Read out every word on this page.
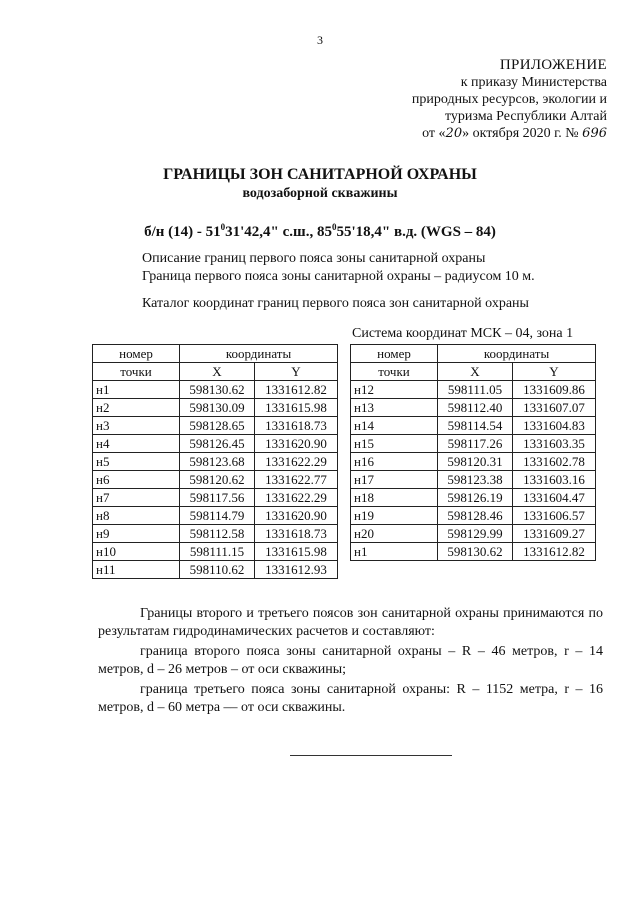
3
ПРИЛОЖЕНИЕ
к приказу Министерства
природных ресурсов, экологии и
туризма Республики Алтай
от «20» октября 2020 г. № 696
ГРАНИЦЫ ЗОН САНИТАРНОЙ ОХРАНЫ
водозаборной скважины
б/н $(14) - 51^031'42,4$" с.ш., $85^055'18,4$" в.д. (WGS – 84)
Описание границ первого пояса зоны санитарной охраны
Граница первого пояса зоны санитарной охраны – радиусом 10 м.
Каталог координат границ первого пояса зон санитарной охраны
Система координат МСК – 04, зона 1
номер	координаты	
точки	X	Y
н1	598130.62	1331612.82
н2	598130.09	1331615.98
н3	598128.65	1331618.73
н4	598126.45	1331620.90
н5	598123.68	1331622.29
н6	598120.62	1331622.77
н7	598117.56	1331622.29
н8	598114.79	1331620.90
н9	598112.58	1331618.73
н10	598111.15	1331615.98
н11	598110.62	1331612.93
номер	координаты	
точки	X	Y
н12	598111.05	1331609.86
н13	598112.40	1331607.07
н14	598114.54	1331604.83
н15	598117.26	1331603.35
н16	598120.31	1331602.78
н17	598123.38	1331603.16
н18	598126.19	1331604.47
н19	598128.46	1331606.57
н20	598129.99	1331609.27
н1	598130.62	1331612.82
Границы второго и третьего поясов зон санитарной охраны принимаются по результатам гидродинамических расчетов и составляют:
граница второго пояса зоны санитарной охраны – R – 46 метров, r – 14 метров, d – 26 метров – от оси скважины;
граница третьего пояса зоны санитарной охраны: R – 1152 метра, r – 16 метров, d – 60 метра –– от оси скважины.
